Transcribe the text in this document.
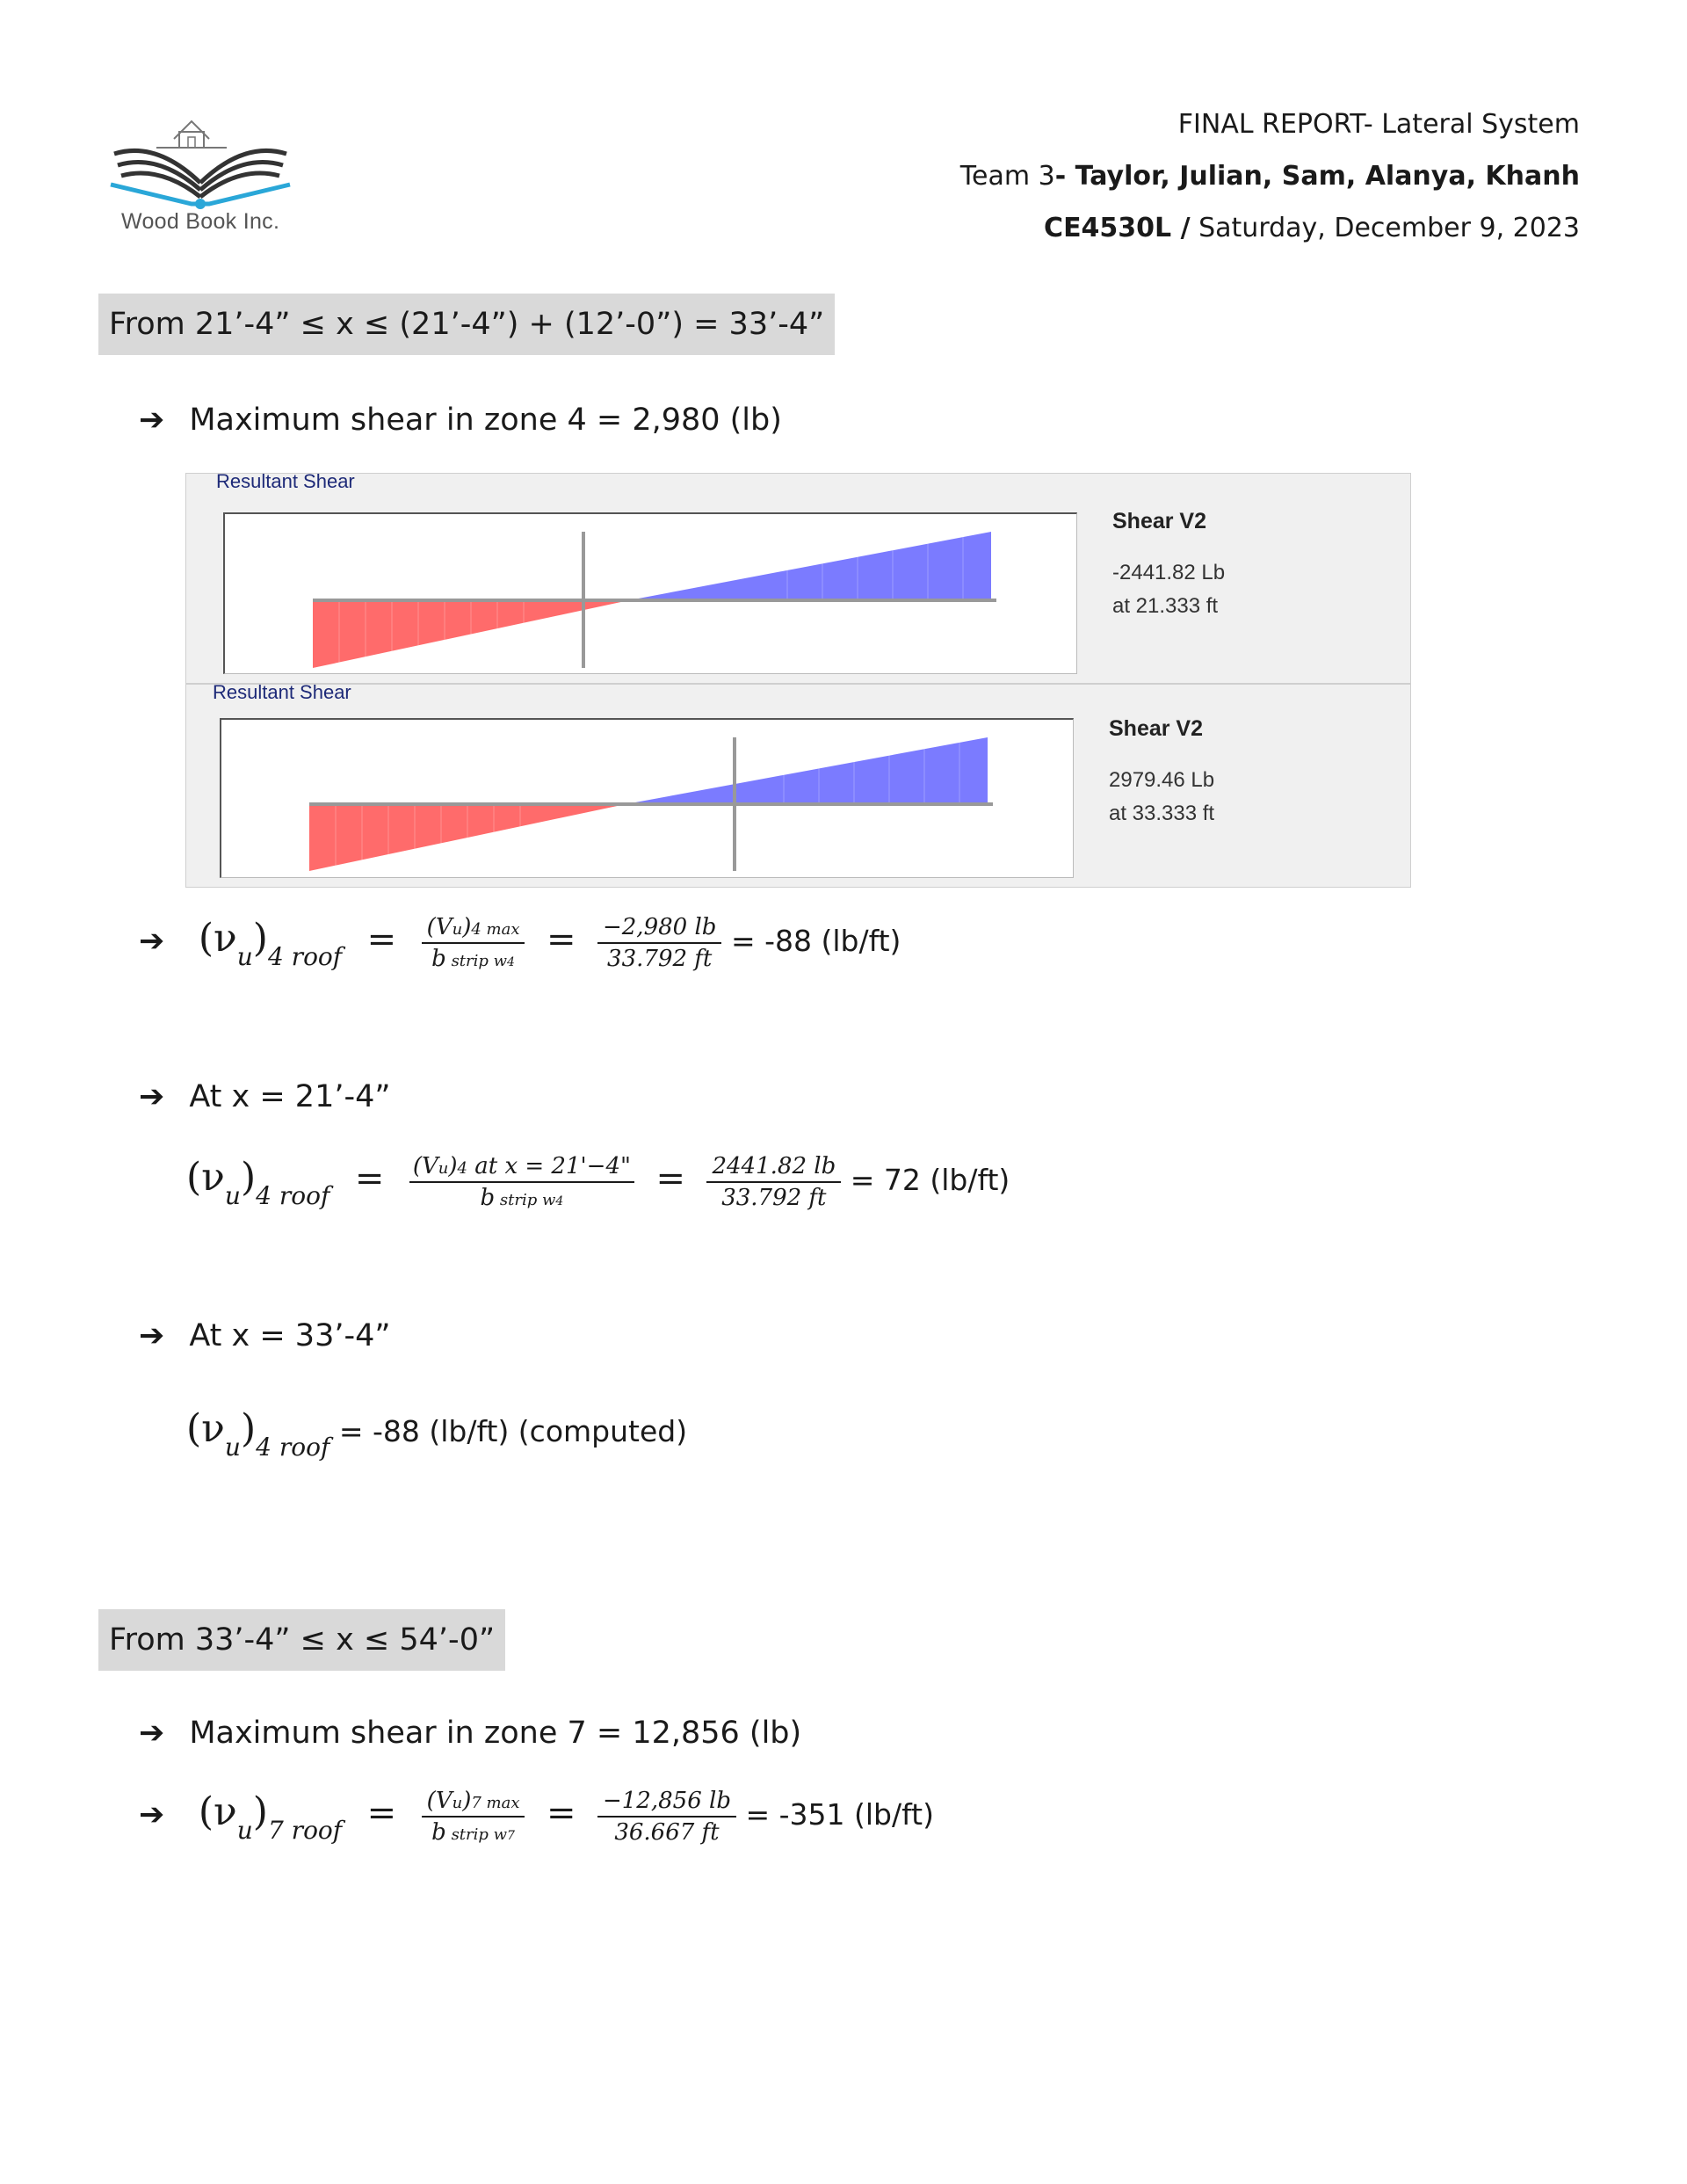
Wood Book Inc.
FINAL REPORT- Lateral System
Team 3- Taylor, Julian, Sam, Alanya, Khanh
CE4530L / Saturday, December 9, 2023
From 21’-4” ≤ x ≤ (21’-4”) + (12’-0”) = 33’-4”
➔ Maximum shear in zone 4 = 2,980 (lb)
Resultant Shear
Shear V2
-2441.82 Lb
at 21.333 ft
Resultant Shear
Shear V2
2979.46 Lb
at 33.333 ft
➔ $(\nu_u)_{4 roof} = \frac{(Vu)4 \max}{\text{b strip w4}} = \frac{-2,980 lb}{33.792 ft} = -88$ (lb/ft)
➔ At x = 21’-4”
$(\nu_u)_{4 roof} = \frac{\text{(Vu)4 at x = 21'−4"}}{\text{b strip w4}} = \frac{2441.82 lb}{33.792 ft} = 72$ (lb/ft)
➔ At x = 33’-4”
$(\nu_u)_{4 roof} = -88$ (lb/ft) (computed)
From 33’-4” ≤ x ≤ 54’-0”
➔ Maximum shear in zone 7 = 12,856 (lb)
➔ $(\nu_u)_{7 roof} = \frac{(Vu)7 \max}{\text{b strip w7}} = \frac{-12,856 lb}{36.667 ft} = -351$ (lb/ft)
